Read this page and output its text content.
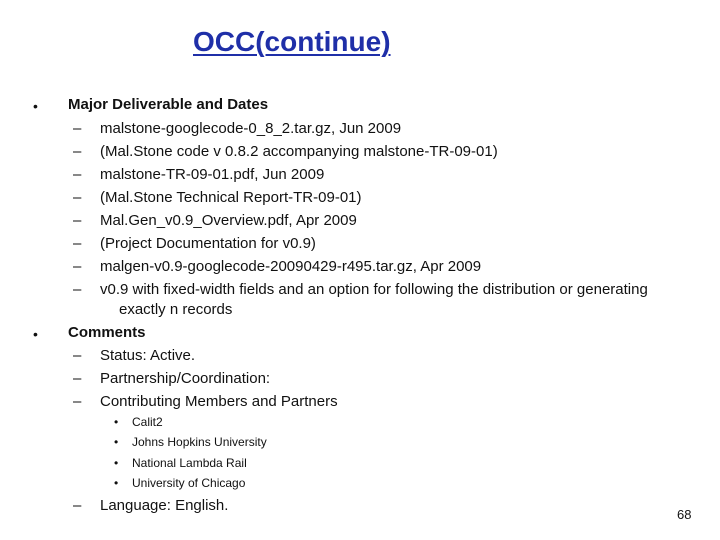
OCC(continue)
• Major Deliverable and Dates
– malstone-googlecode-0_8_2.tar.gz, Jun 2009
– (Mal.Stone code v 0.8.2 accompanying malstone-TR-09-01)
– malstone-TR-09-01.pdf, Jun 2009
– (Mal.Stone Technical Report-TR-09-01)
– Mal.Gen_v0.9_Overview.pdf, Apr 2009
– (Project Documentation for v0.9)
– malgen-v0.9-googlecode-20090429-r495.tar.gz, Apr 2009
– v0.9 with fixed-width fields and an option for following the distribution or generating
exactly n records
• Comments
– Status: Active.
– Partnership/Coordination:
– Contributing Members and Partners
• Calit2
• Johns Hopkins University
• National Lambda Rail
• University of Chicago
– Language: English.
68
